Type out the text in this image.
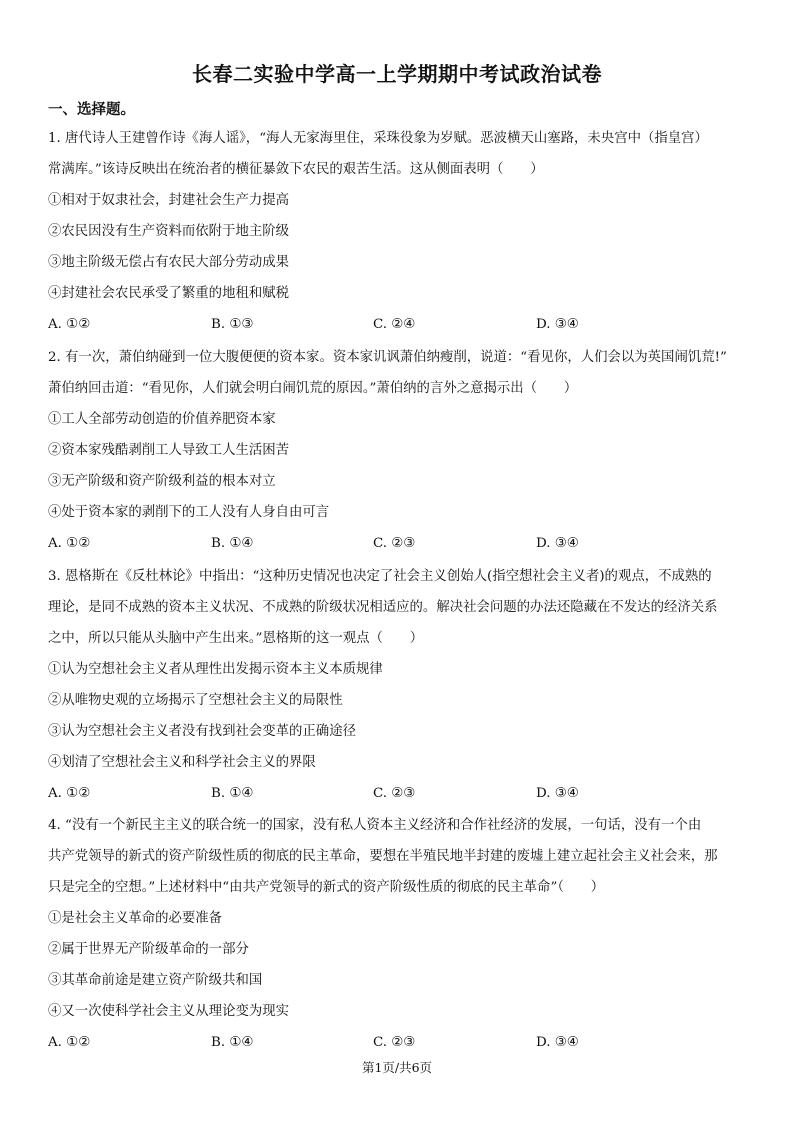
长春二实验中学高一上学期期中考试政治试卷
一、选择题。

1. 唐代诗人王建曾作诗《海人谣》，“海人无家海里住，采珠役象为岁赋。恶波横天山塞路，未央宫中（指皇宫）

常满库。”该诗反映出在统治者的横征暴敛下农民的艰苦生活。这从侧面表明（　　）

①相对于奴隶社会，封建社会生产力提高

②农民因没有生产资料而依附于地主阶级

③地主阶级无偿占有农民大部分劳动成果

④封建社会农民承受了繁重的地租和赋税

A. ①②	B. ①③	C. ②④	D. ③④

2. 有一次，萧伯纳碰到一位大腹便便的资本家。资本家讥讽萧伯纳瘦削，说道：“看见你，人们会以为英国闹饥荒!”

萧伯纳回击道：“看见你，人们就会明白闹饥荒的原因。”萧伯纳的言外之意揭示出（　　）

①工人全部劳动创造的价值养肥资本家

②资本家残酷剥削工人导致工人生活困苦

③无产阶级和资产阶级利益的根本对立

④处于资本家的剥削下的工人没有人身自由可言

A. ①②	B. ①④	C. ②③	D. ③④

3. 恩格斯在《反杜林论》中指出：“这种历史情况也决定了社会主义创始人(指空想社会主义者)的观点，不成熟的

理论，是同不成熟的资本主义状况、不成熟的阶级状况相适应的。解决社会问题的办法还隐藏在不发达的经济关系

之中，所以只能从头脑中产生出来。”恩格斯的这一观点（　　）

①认为空想社会主义者从理性出发揭示资本主义本质规律

②从唯物史观的立场揭示了空想社会主义的局限性

③认为空想社会主义者没有找到社会变革的正确途径

④划清了空想社会主义和科学社会主义的界限

A. ①②	B. ①④	C. ②③	D. ③④

4. “没有一个新民主主义的联合统一的国家，没有私人资本主义经济和合作社经济的发展，一句话，没有一个由

共产党领导的新式的资产阶级性质的彻底的民主革命，要想在半殖民地半封建的废墟上建立起社会主义社会来，那

只是完全的空想。”上述材料中“由共产党领导的新式的资产阶级性质的彻底的民主革命”（　　）

①是社会主义革命的必要准备

②属于世界无产阶级革命的一部分

③其革命前途是建立资产阶级共和国

④又一次使科学社会主义从理论变为现实

A. ①②	B. ①④	C. ②③	D. ③④
第1页/共6页
